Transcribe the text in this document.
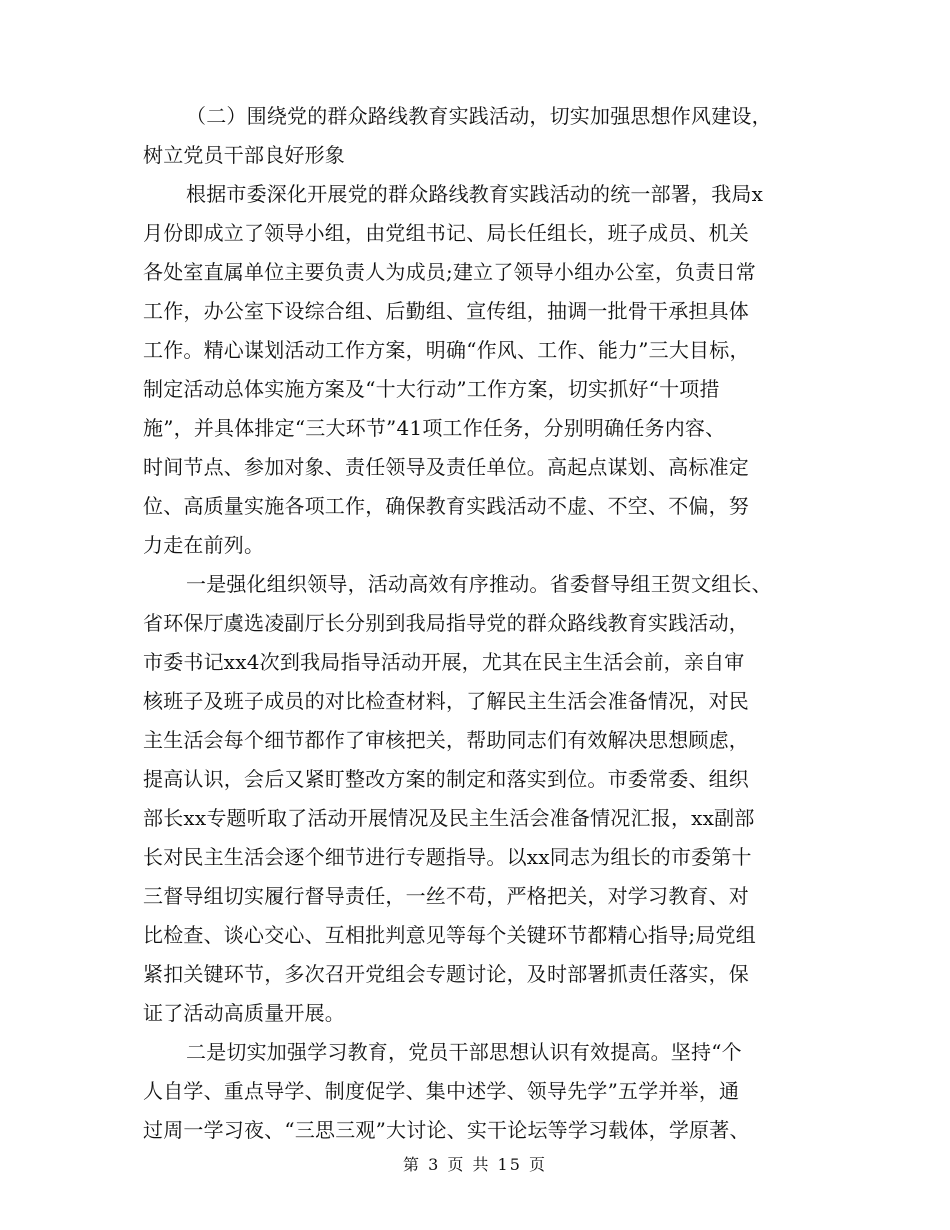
（二）围绕党的群众路线教育实践活动，切实加强思想作风建设，
树立党员干部良好形象
根据市委深化开展党的群众路线教育实践活动的统一部署，我局x
月份即成立了领导小组，由党组书记、局长任组长，班子成员、机关
各处室直属单位主要负责人为成员;建立了领导小组办公室，负责日常
工作，办公室下设综合组、后勤组、宣传组，抽调一批骨干承担具体
工作。精心谋划活动工作方案，明确“作风、工作、能力”三大目标，
制定活动总体实施方案及“十大行动”工作方案，切实抓好“十项措
施”，并具体排定“三大环节”41项工作任务，分别明确任务内容、
时间节点、参加对象、责任领导及责任单位。高起点谋划、高标准定
位、高质量实施各项工作，确保教育实践活动不虚、不空、不偏，努
力走在前列。
一是强化组织领导，活动高效有序推动。省委督导组王贺文组长、
省环保厅虞选凌副厅长分别到我局指导党的群众路线教育实践活动，
市委书记xx4次到我局指导活动开展，尤其在民主生活会前，亲自审
核班子及班子成员的对比检查材料，了解民主生活会准备情况，对民
主生活会每个细节都作了审核把关，帮助同志们有效解决思想顾虑，
提高认识，会后又紧盯整改方案的制定和落实到位。市委常委、组织
部长xx专题听取了活动开展情况及民主生活会准备情况汇报，xx副部
长对民主生活会逐个细节进行专题指导。以xx同志为组长的市委第十
三督导组切实履行督导责任，一丝不苟，严格把关，对学习教育、对
比检查、谈心交心、互相批判意见等每个关键环节都精心指导;局党组
紧扣关键环节，多次召开党组会专题讨论，及时部署抓责任落实，保
证了活动高质量开展。
二是切实加强学习教育，党员干部思想认识有效提高。坚持“个
人自学、重点导学、制度促学、集中述学、领导先学”五学并举，通
过周一学习夜、“三思三观”大讨论、实干论坛等学习载体，学原著、
第 3 页 共 15 页
